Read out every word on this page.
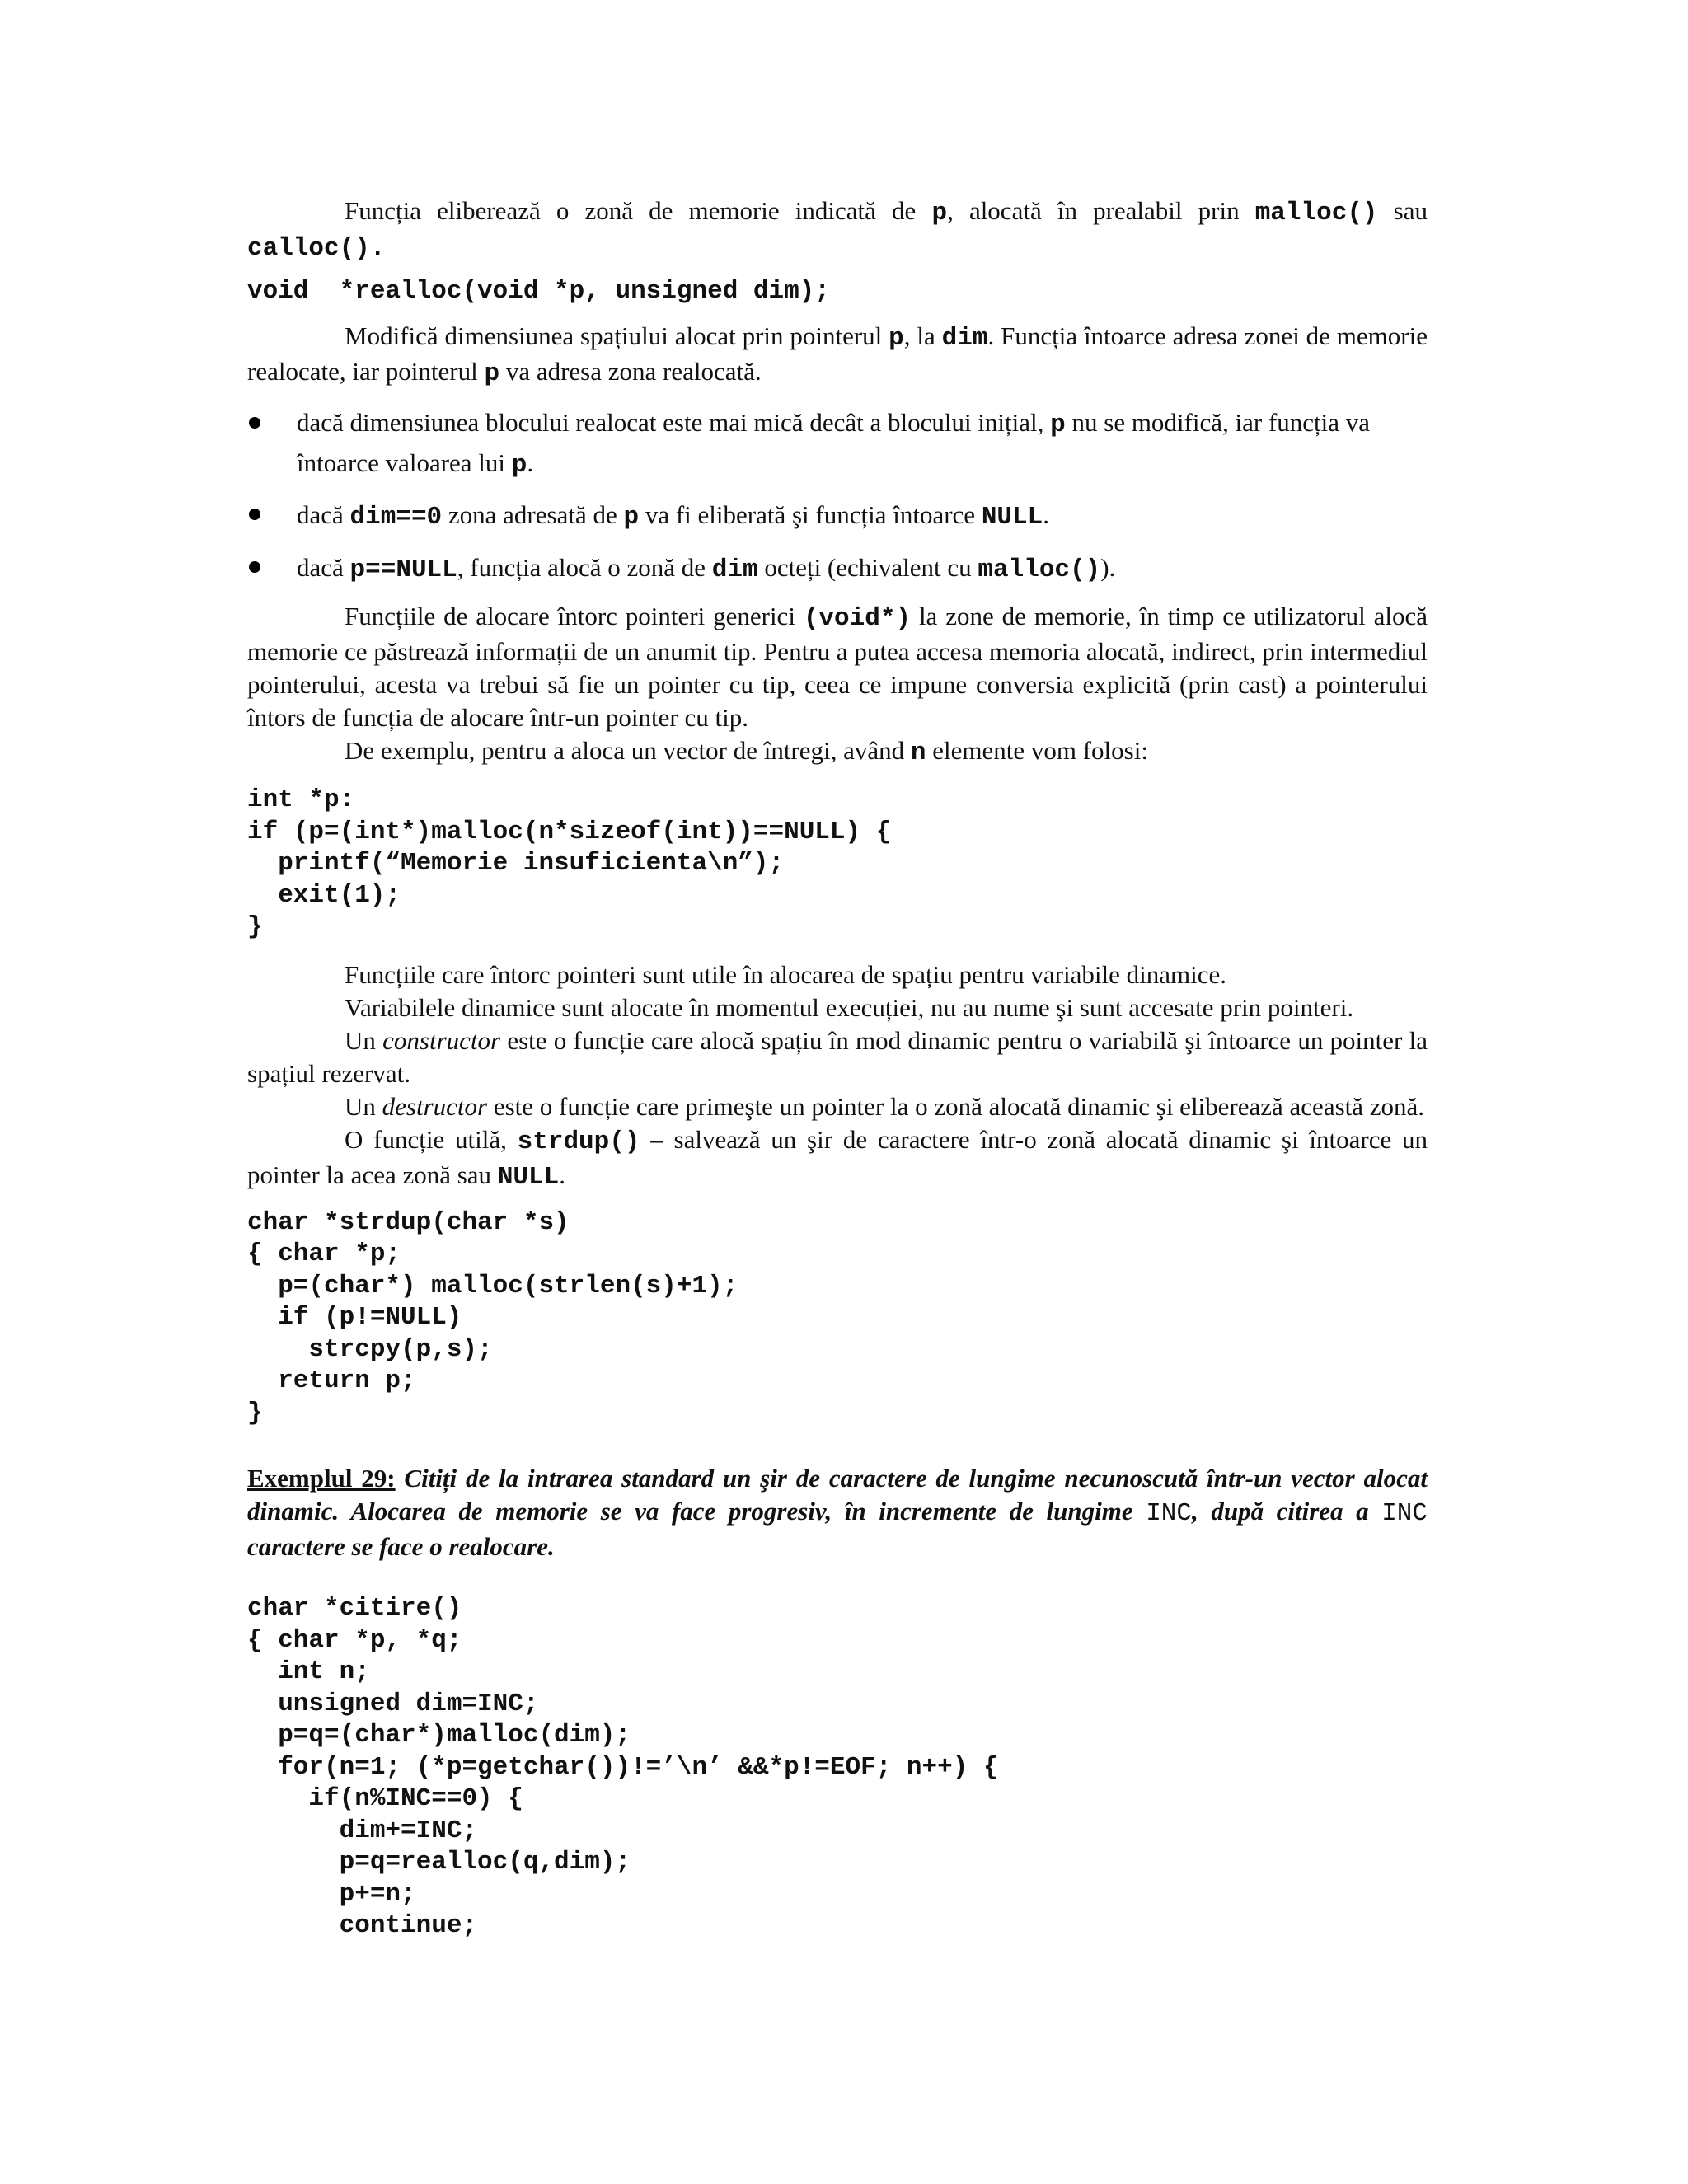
Funcția eliberează o zonă de memorie indicată de p, alocată în prealabil prin malloc() sau calloc().

void  *realloc(void *p, unsigned dim);

Modifică dimensiunea spațiului alocat prin pointerul p, la dim. Funcția întoarce adresa zonei de memorie realocate, iar pointerul p va adresa zona realocată.

dacă dimensiunea blocului realocat este mai mică decât a blocului inițial, p nu se modifică, iar funcția va întoarce valoarea lui p.
dacă dim==0 zona adresată de p va fi eliberată şi funcția întoarce NULL.
dacă p==NULL, funcția alocă o zonă de dim octeți (echivalent cu malloc()).

Funcțiile de alocare întorc pointeri generici (void*) la zone de memorie, în timp ce utilizatorul alocă memorie ce păstrează informații de un anumit tip. Pentru a putea accesa memoria alocată, indirect, prin intermediul pointerului, acesta va trebui să fie un pointer cu tip, ceea ce impune conversia explicită (prin cast) a pointerului întors de funcția de alocare într-un pointer cu tip.

De exemplu, pentru a aloca un vector de întregi, având n elemente vom folosi:

int *p:
if (p=(int*)malloc(n*sizeof(int))==NULL) {
printf(“Memorie insuficienta\n”);
exit(1);
}

Funcțiile care întorc pointeri sunt utile în alocarea de spațiu pentru variabile dinamice.

Variabilele dinamice sunt alocate în momentul execuției, nu au nume şi sunt accesate prin pointeri.

Un constructor este o funcție care alocă spațiu în mod dinamic pentru o variabilă şi întoarce un pointer la spațiul rezervat.

Un destructor este o funcție care primeşte un pointer la o zonă alocată dinamic şi eliberează această zonă.

O funcție utilă, strdup() – salvează un şir de caractere într-o zonă alocată dinamic şi întoarce un pointer la acea zonă sau NULL.

char *strdup(char *s)
{ char *p;
p=(char*) malloc(strlen(s)+1);
if (p!=NULL)
strcpy(p,s);
return p;
}

Exemplul 29: Citiți de la intrarea standard un şir de caractere de lungime necunoscută într-un vector alocat dinamic. Alocarea de memorie se va face progresiv, în incremente de lungime INC, după citirea a INC caractere se face o realocare.

char *citire()
{ char *p, *q;
int n;
unsigned dim=INC;
p=q=(char*)malloc(dim);
for(n=1; (*p=getchar())!=’\n’ &&*p!=EOF; n++) {
if(n%INC==0) {
dim+=INC;
p=q=realloc(q,dim);
p+=n;
continue;
